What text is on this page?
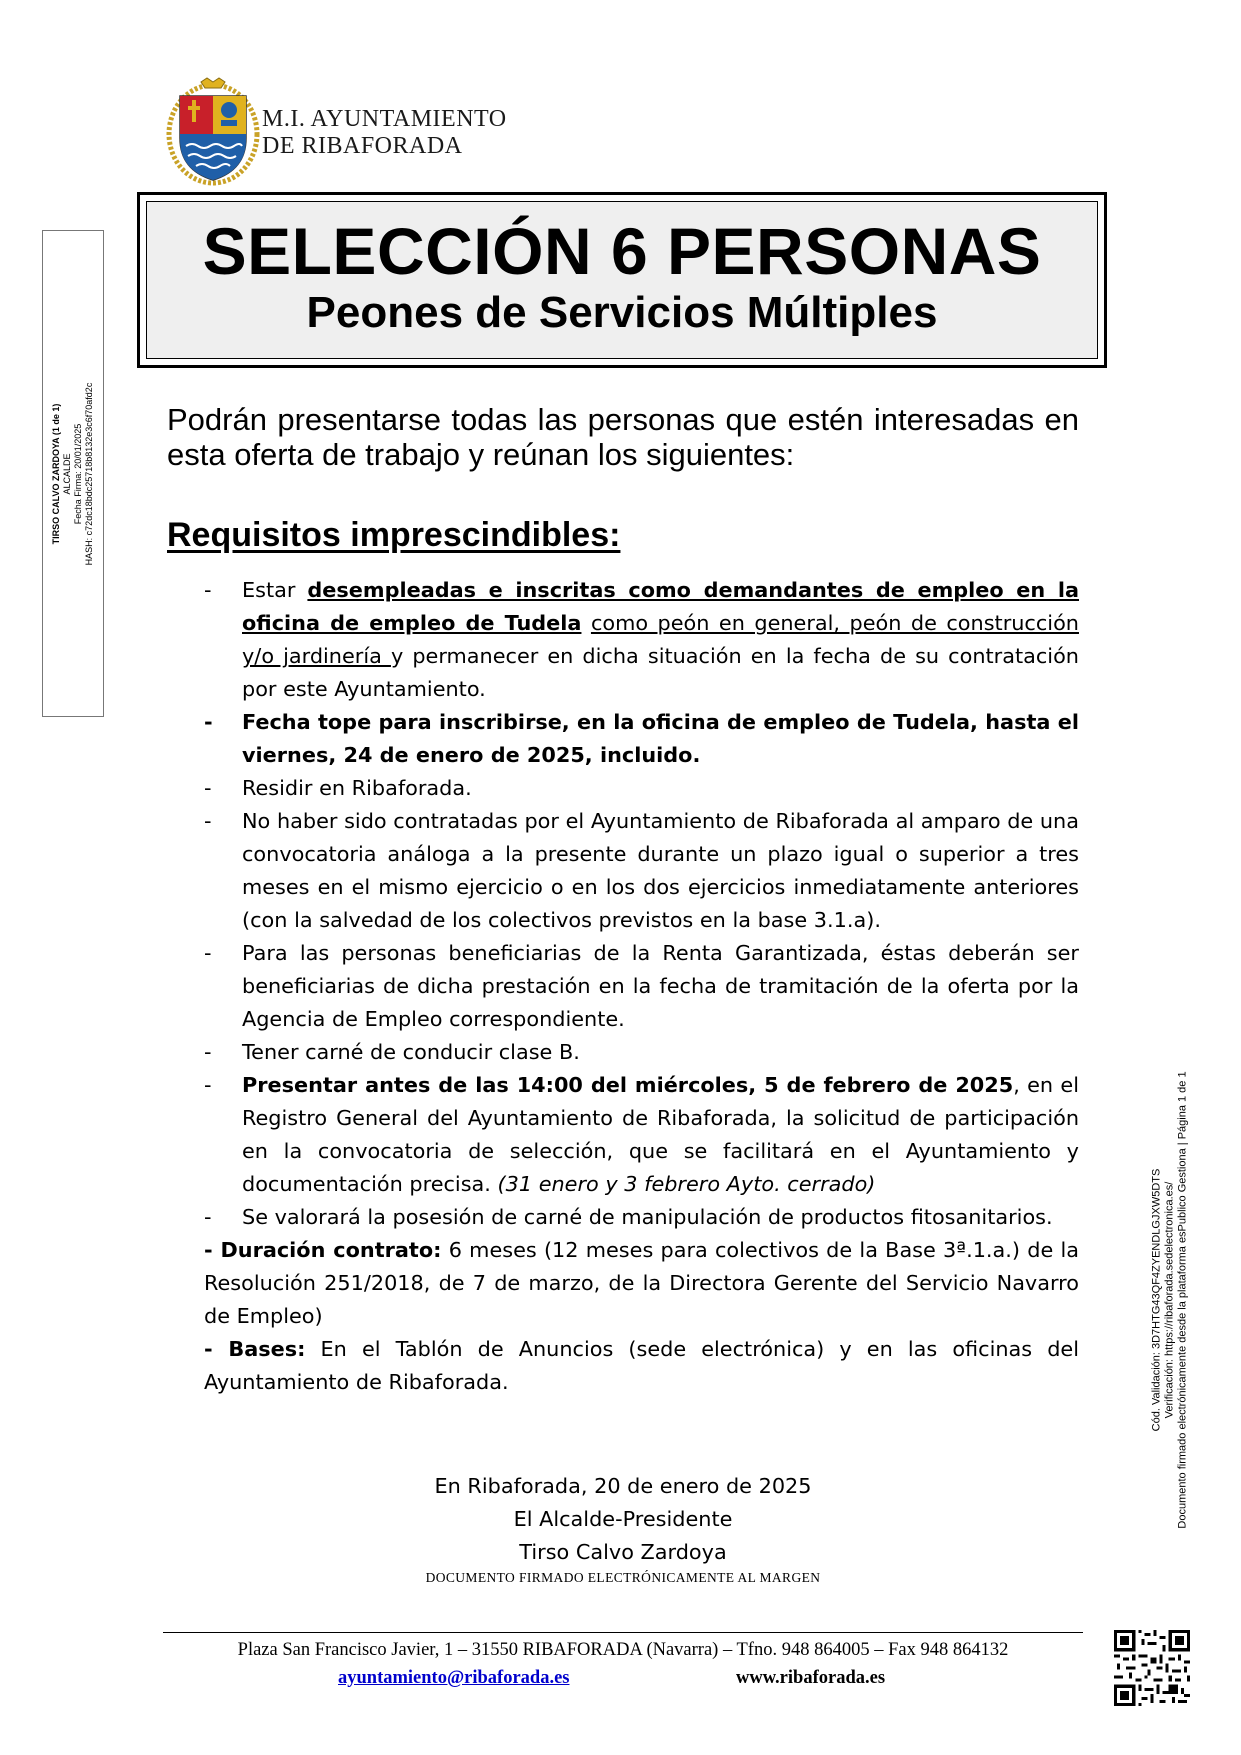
M.I. AYUNTAMIENTO
DE RIBAFORADA
TIRSO CALVO ZARDOYA (1 de 1) ALCALDE Fecha Firma: 20/01/2025 HASH: c72dc18bdc25718b8132e3c6f70afd2c
Cód. Validación: 3D7HTG43QF4ZYENDLGJXW5DTS Verificación: https://ribaforada.sedelectronica.es/ Documento firmado electrónicamente desde la plataforma esPublico Gestiona | Página 1 de 1
SELECCIÓN 6 PERSONAS
Peones de Servicios Múltiples
Podrán presentarse todas las personas que estén interesadas en esta oferta de trabajo y reúnan los siguientes:
Requisitos imprescindibles:
- Estar desempleadas e inscritas como demandantes de empleo en la oficina de empleo de Tudela como peón en general, peón de construcción y/o jardinería y permanecer en dicha situación en la fecha de su contratación por este Ayuntamiento.
- Fecha tope para inscribirse, en la oficina de empleo de Tudela, hasta el viernes, 24 de enero de 2025, incluido.
- Residir en Ribaforada.
- No haber sido contratadas por el Ayuntamiento de Ribaforada al amparo de una convocatoria análoga a la presente durante un plazo igual o superior a tres meses en el mismo ejercicio o en los dos ejercicios inmediatamente anteriores (con la salvedad de los colectivos previstos en la base 3.1.a).
- Para las personas beneficiarias de la Renta Garantizada, éstas deberán ser beneficiarias de dicha prestación en la fecha de tramitación de la oferta por la Agencia de Empleo correspondiente.
- Tener carné de conducir clase B.
- Presentar antes de las 14:00 del miércoles, 5 de febrero de 2025, en el Registro General del Ayuntamiento de Ribaforada, la solicitud de participación en la convocatoria de selección, que se facilitará en el Ayuntamiento y documentación precisa. (31 enero y 3 febrero Ayto. cerrado)
- Se valorará la posesión de carné de manipulación de productos fitosanitarios.
- Duración contrato: 6 meses (12 meses para colectivos de la Base 3ª.1.a.) de la Resolución 251/2018, de 7 de marzo, de la Directora Gerente del Servicio Navarro de Empleo)
- Bases: En el Tablón de Anuncios (sede electrónica) y en las oficinas del Ayuntamiento de Ribaforada.
En Ribaforada, 20 de enero de 2025
El Alcalde-Presidente
Tirso Calvo Zardoya
DOCUMENTO FIRMADO ELECTRÓNICAMENTE AL MARGEN
Plaza San Francisco Javier, 1 – 31550 RIBAFORADA (Navarra) – Tfno. 948 864005 – Fax 948 864132
ayuntamiento@ribaforada.es	www.ribaforada.es
